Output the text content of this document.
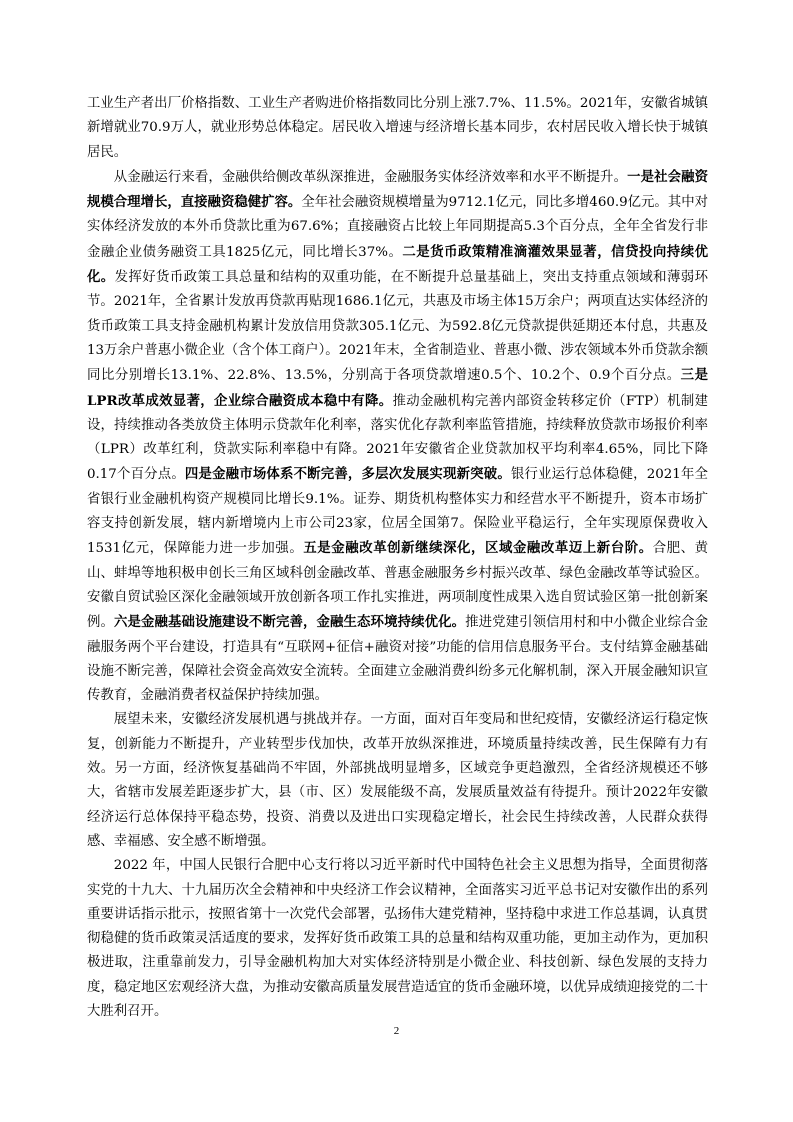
工业生产者出厂价格指数、工业生产者购进价格指数同比分别上涨7.7%、11.5%。2021年，安徽省城镇新增就业70.9万人，就业形势总体稳定。居民收入增速与经济增长基本同步，农村居民收入增长快于城镇居民。

从金融运行来看，金融供给侧改革纵深推进，金融服务实体经济效率和水平不断提升。一是社会融资规模合理增长，直接融资稳健扩容。全年社会融资规模增量为9712.1亿元，同比多增460.9亿元。其中对实体经济发放的本外币贷款比重为67.6%；直接融资占比较上年同期提高5.3个百分点，全年全省发行非金融企业债务融资工具1825亿元，同比增长37%。二是货币政策精准滴灌效果显著，信贷投向持续优化。发挥好货币政策工具总量和结构的双重功能，在不断提升总量基础上，突出支持重点领域和薄弱环节。2021年，全省累计发放再贷款再贴现1686.1亿元，共惠及市场主体15万余户；两项直达实体经济的货币政策工具支持金融机构累计发放信用贷款305.1亿元、为592.8亿元贷款提供延期还本付息，共惠及13万余户普惠小微企业（含个体工商户）。2021年末，全省制造业、普惠小微、涉农领域本外币贷款余额同比分别增长13.1%、22.8%、13.5%，分别高于各项贷款增速0.5个、10.2个、0.9个百分点。三是LPR改革成效显著，企业综合融资成本稳中有降。推动金融机构完善内部资金转移定价（FTP）机制建设，持续推动各类放贷主体明示贷款年化利率，落实优化存款利率监管措施，持续释放贷款市场报价利率（LPR）改革红利，贷款实际利率稳中有降。2021年安徽省企业贷款加权平均利率4.65%，同比下降0.17个百分点。四是金融市场体系不断完善，多层次发展实现新突破。银行业运行总体稳健，2021年全省银行业金融机构资产规模同比增长9.1%。证券、期货机构整体实力和经营水平不断提升，资本市场扩容支持创新发展，辖内新增境内上市公司23家，位居全国第7。保险业平稳运行，全年实现原保费收入1531亿元，保障能力进一步加强。五是金融改革创新继续深化，区域金融改革迈上新台阶。合肥、黄山、蚌埠等地积极申创长三角区域科创金融改革、普惠金融服务乡村振兴改革、绿色金融改革等试验区。安徽自贸试验区深化金融领域开放创新各项工作扎实推进，两项制度性成果入选自贸试验区第一批创新案例。六是金融基础设施建设不断完善，金融生态环境持续优化。推进党建引领信用村和中小微企业综合金融服务两个平台建设，打造具有“互联网+征信+融资对接”功能的信用信息服务平台。支付结算金融基础设施不断完善，保障社会资金高效安全流转。全面建立金融消费纠纷多元化解机制，深入开展金融知识宣传教育，金融消费者权益保护持续加强。

展望未来，安徽经济发展机遇与挑战并存。一方面，面对百年变局和世纪疫情，安徽经济运行稳定恢复，创新能力不断提升，产业转型步伐加快，改革开放纵深推进，环境质量持续改善，民生保障有力有效。另一方面，经济恢复基础尚不牢固，外部挑战明显增多，区域竞争更趋激烈，全省经济规模还不够大，省辖市发展差距逐步扩大，县（市、区）发展能级不高，发展质量效益有待提升。预计2022年安徽经济运行总体保持平稳态势，投资、消费以及进出口实现稳定增长，社会民生持续改善，人民群众获得感、幸福感、安全感不断增强。

2022 年，中国人民银行合肥中心支行将以习近平新时代中国特色社会主义思想为指导，全面贯彻落实党的十九大、十九届历次全会精神和中央经济工作会议精神，全面落实习近平总书记对安徽作出的系列重要讲话指示批示，按照省第十一次党代会部署，弘扬伟大建党精神，坚持稳中求进工作总基调，认真贯彻稳健的货币政策灵活适度的要求，发挥好货币政策工具的总量和结构双重功能，更加主动作为，更加积极进取，注重靠前发力，引导金融机构加大对实体经济特别是小微企业、科技创新、绿色发展的支持力度，稳定地区宏观经济大盘，为推动安徽高质量发展营造适宜的货币金融环境，以优异成绩迎接党的二十大胜利召开。

2
